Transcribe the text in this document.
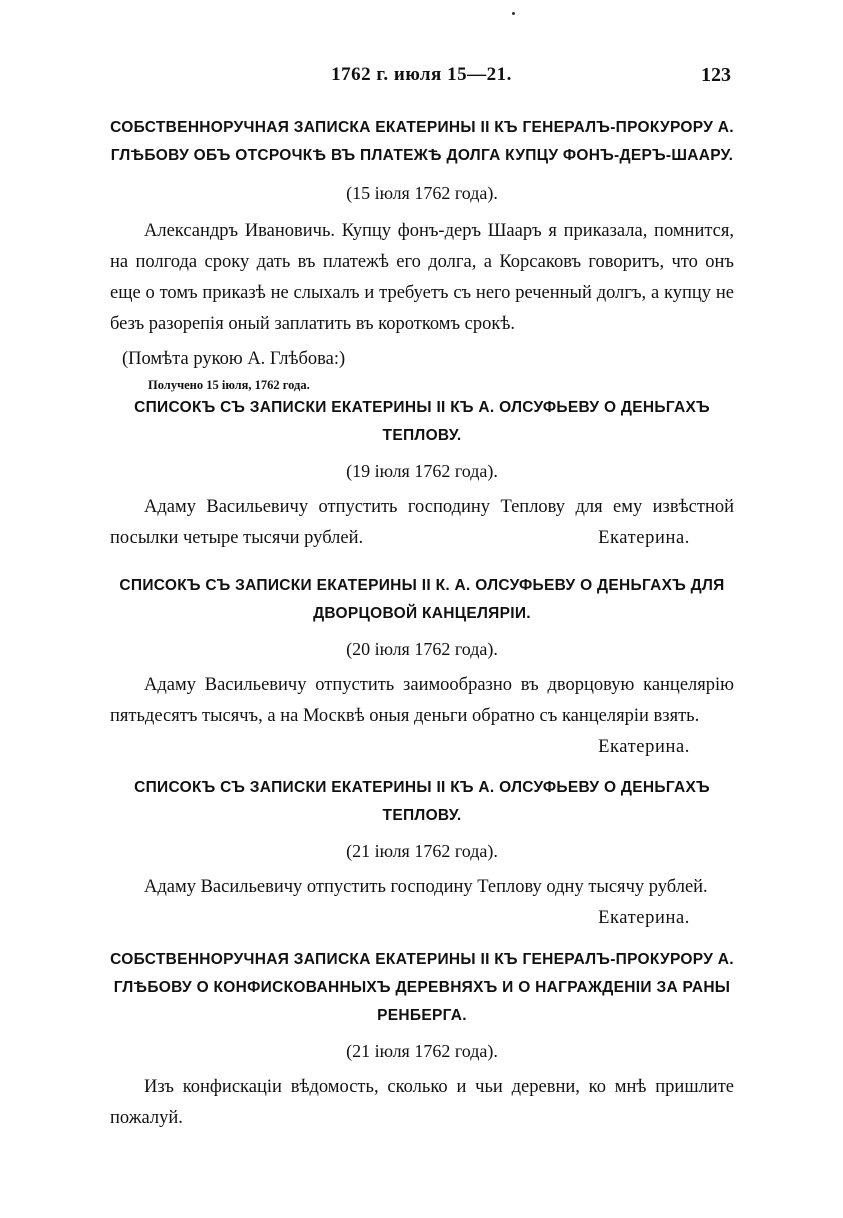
1762 г. июля 15—21.	123

СОБСТВЕННОРУЧНАЯ ЗАПИСКА ЕКАТЕРИНЫ II КЪ ГЕНЕРАЛЪ-ПРОКУРОРУ А. ГЛѢБОВУ ОБЪ ОТСРОЧКѢ ВЪ ПЛАТЕЖѢ ДОЛГА КУПЦУ ФОНЪ-ДЕРЪ-ШААРУ.

(15 іюля 1762 года).

Александръ Ивановичь. Купцу фонъ-деръ Шааръ я приказала, помнится, на полгода сроку дать въ платежѣ его долга, а Корсаковъ говоритъ, что онъ еще о томъ приказѣ не слыхалъ и требуетъ съ него реченный долгъ, а купцу не безъ разорепія оный заплатить въ короткомъ срокѣ.

(Помѣта рукою А. Глѣбова:)

Получено 15 іюля, 1762 года.

СПИСОКЪ СЪ ЗАПИСКИ ЕКАТЕРИНЫ II КЪ А. ОЛСУФЬЕВУ О ДЕНЬГАХЪ ТЕПЛОВУ.

(19 іюля 1762 года).

Адаму Васильевичу отпустить господину Теплову для ему извѣстной посылки четыре тысячи рублей.	Екатерина.

СПИСОКЪ СЪ ЗАПИСКИ ЕКАТЕРИНЫ II К. А. ОЛСУФЬЕВУ О ДЕНЬГАХЪ ДЛЯ ДВОРЦОВОЙ КАНЦЕЛЯРІИ.

(20 іюля 1762 года).

Адаму Васильевичу отпустить заимообразно въ дворцовую канцелярію пятьдесятъ тысячъ, а на Москвѣ оныя деньги обратно съ канцеляріи взять.

Екатерина.

СПИСОКЪ СЪ ЗАПИСКИ ЕКАТЕРИНЫ II КЪ А. ОЛСУФЬЕВУ О ДЕНЬГАХЪ ТЕПЛОВУ.

(21 іюля 1762 года).

Адаму Васильевичу отпустить господину Теплову одну тысячу рублей.

Екатерина.

СОБСТВЕННОРУЧНАЯ ЗАПИСКА ЕКАТЕРИНЫ II КЪ ГЕНЕРАЛЪ-ПРОКУРОРУ А. ГЛѢБОВУ О КОНФИСКОВАННЫХЪ ДЕРЕВНЯХЪ И О НАГРАЖДЕНІИ ЗА РАНЫ РЕНБЕРГА.

(21 іюля 1762 года).

Изъ конфискаціи вѣдомость, сколько и чьи деревни, ко мнѣ пришлите пожалуй.
